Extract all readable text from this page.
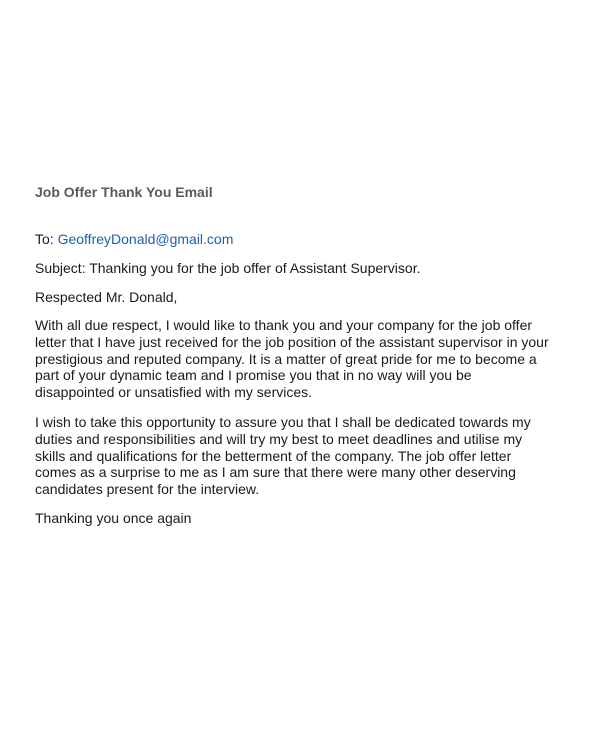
Job Offer Thank You Email

To: GeoffreyDonald@gmail.com

Subject: Thanking you for the job offer of Assistant Supervisor.

Respected Mr. Donald,

With all due respect, I would like to thank you and your company for the job offer
letter that I have just received for the job position of the assistant supervisor in your
prestigious and reputed company. It is a matter of great pride for me to become a
part of your dynamic team and I promise you that in no way will you be
disappointed or unsatisfied with my services.

I wish to take this opportunity to assure you that I shall be dedicated towards my
duties and responsibilities and will try my best to meet deadlines and utilise my
skills and qualifications for the betterment of the company. The job offer letter
comes as a surprise to me as I am sure that there were many other deserving
candidates present for the interview.

Thanking you once again
